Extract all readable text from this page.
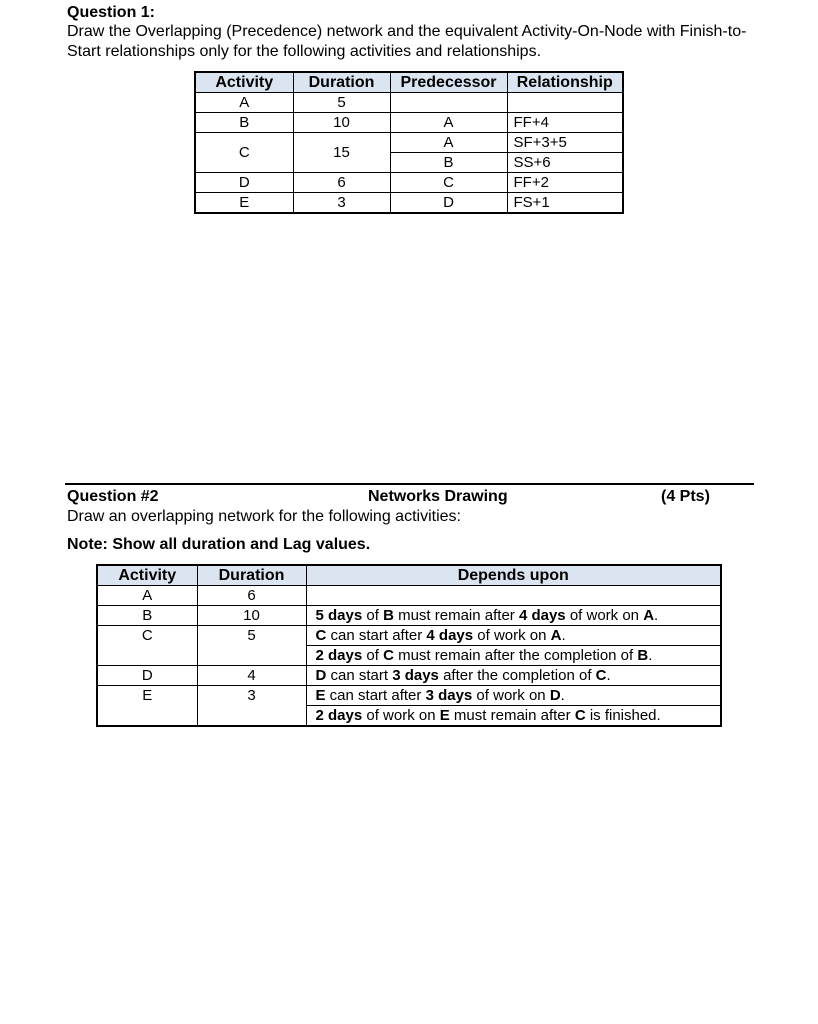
Question 1:
Draw the Overlapping (Precedence) network and the equivalent Activity-On-Node with Finish-to-Start relationships only for the following activities and relationships.
Activity	Duration	Predecessor	Relationship
A	5		
B	10	A	FF+4
C	15	A	SF+3+5
		B	SS+6
D	6	C	FF+2
E	3	D	FS+1
Question #2	Networks Drawing	(4 Pts)
Draw an overlapping network for the following activities:
Note: Show all duration and Lag values.
Activity	Duration	Depends upon
A	6	
B	10	5 days of B must remain after 4 days of work on A.
C	5	C can start after 4 days of work on A.
		2 days of C must remain after the completion of B.
D	4	D can start 3 days after the completion of C.
E	3	E can start after 3 days of work on D.
		2 days of work on E must remain after C is finished.
